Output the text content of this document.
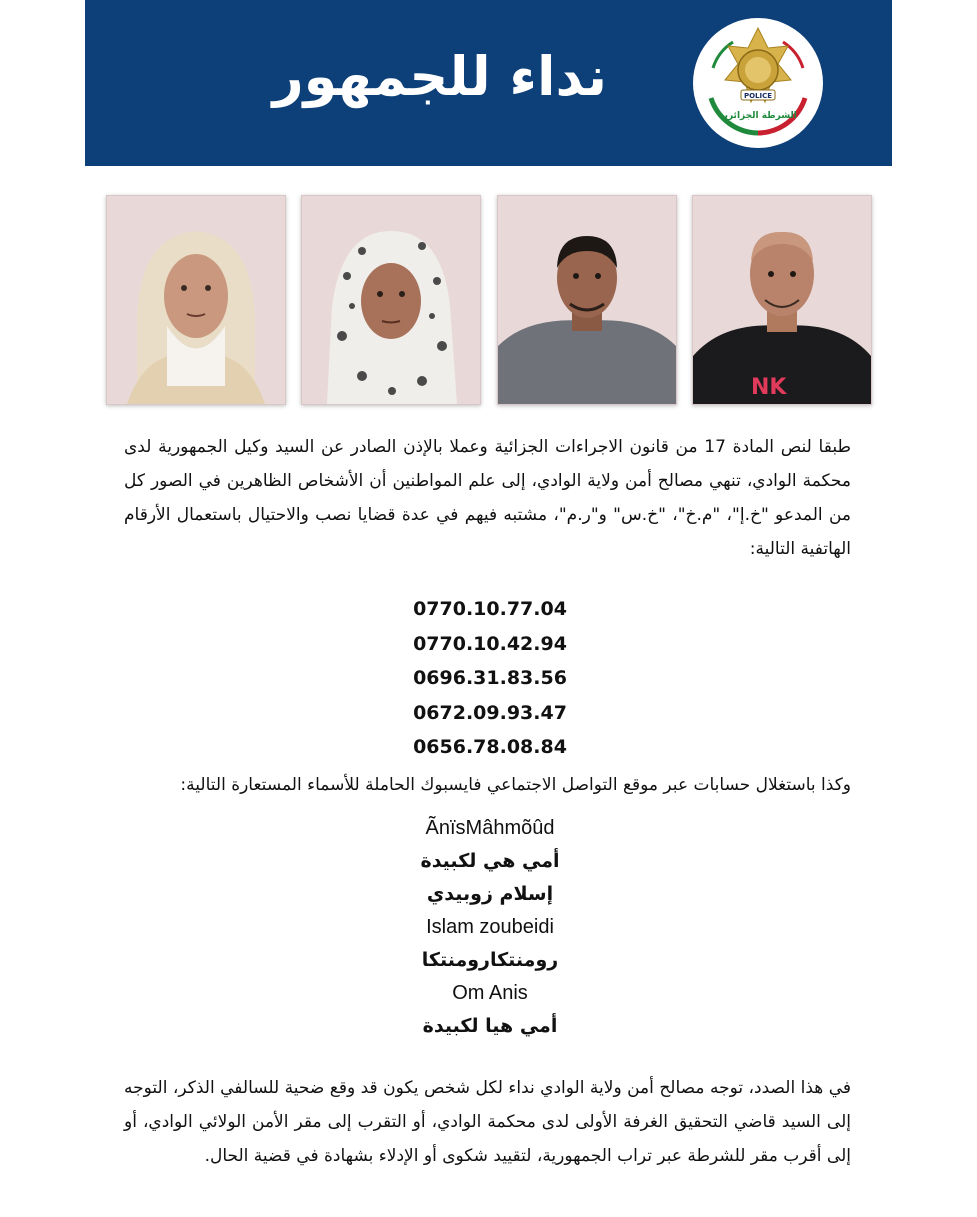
POLICE
الشرطة الجزائرية
نداء للجمهور
NK
طبقا لنص المادة 17 من قانون الاجراءات الجزائية وعملا بالإذن الصادر عن السيد وكيل الجمهورية لدى محكمة الوادي، تنهي مصالح أمن ولاية الوادي، إلى علم المواطنين أن الأشخاص الظاهرين في الصور كل من المدعو "خ.إ"، "م.خ"، "خ.س" و"ر.م"، مشتبه فيهم في عدة قضايا نصب والاحتيال باستعمال الأرقام الهاتفية التالية:
0770.10.77.04
0770.10.42.94
0696.31.83.56
0672.09.93.47
0656.78.08.84
وكذا باستغلال حسابات عبر موقع التواصل الاجتماعي فايسبوك الحاملة للأسماء المستعارة التالية:
ÃnïsMâhmõûd
أمي هي لكبيدة
إسلام زوبيدي
Islam zoubeidi
رومنتكارومنتكا
Om Anis
أمي هيا لكبيدة
في هذا الصدد، توجه مصالح أمن ولاية الوادي نداء لكل شخص يكون قد وقع ضحية للسالفي الذكر، التوجه إلى السيد قاضي التحقيق الغرفة الأولى لدى محكمة الوادي، أو التقرب إلى مقر الأمن الولائي الوادي، أو إلى أقرب مقر للشرطة عبر تراب الجمهورية، لتقييد شكوى أو الإدلاء بشهادة في قضية الحال.
